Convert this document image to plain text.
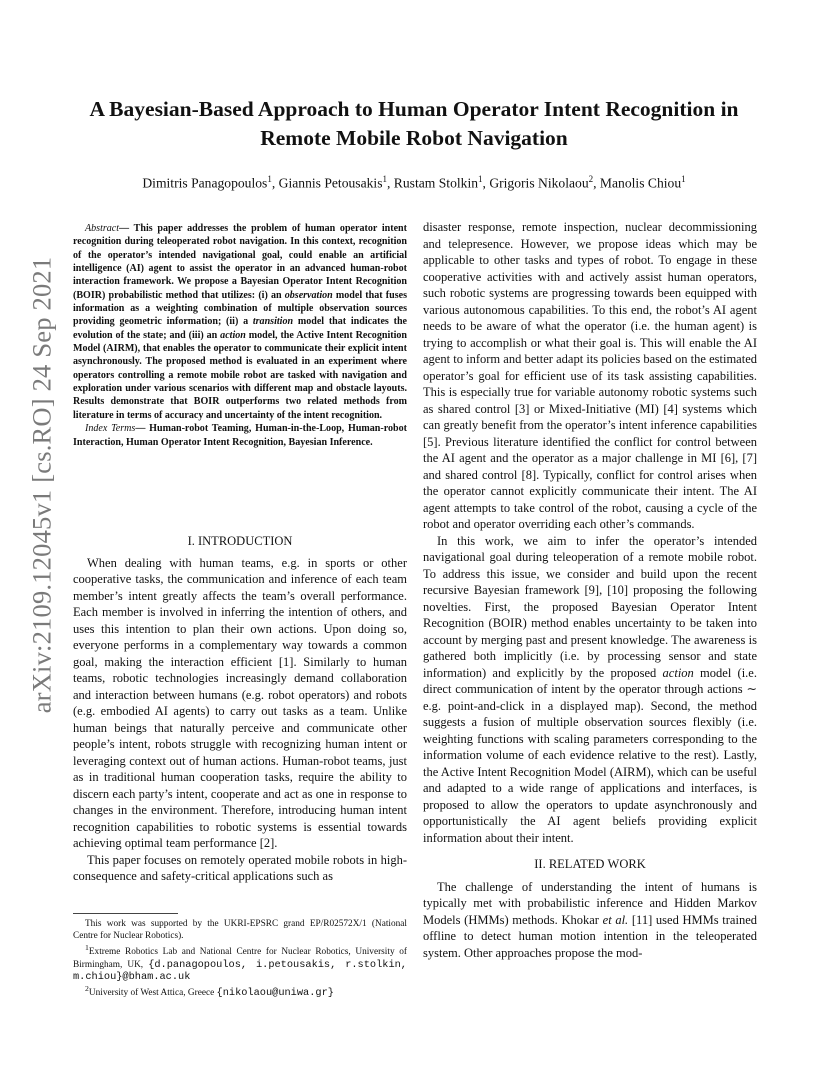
arXiv:2109.12045v1 [cs.RO] 24 Sep 2021
A Bayesian-Based Approach to Human Operator Intent Recognition in Remote Mobile Robot Navigation
Dimitris Panagopoulos$^1$, Giannis Petousakis$^1$, Rustam Stolkin$^1$, Grigoris Nikolaou$^2$, Manolis Chiou$^1$

Abstract— This paper addresses the problem of human operator intent recognition during teleoperated robot navigation. In this context, recognition of the operator’s intended navigational goal, could enable an artificial intelligence (AI) agent to assist the operator in an advanced human-robot interaction framework. We propose a Bayesian Operator Intent Recognition (BOIR) probabilistic method that utilizes: (i) an observation model that fuses information as a weighting combination of multiple observation sources providing geometric information; (ii) a transition model that indicates the evolution of the state; and (iii) an action model, the Active Intent Recognition Model (AIRM), that enables the operator to communicate their explicit intent asynchronously. The proposed method is evaluated in an experiment where operators controlling a remote mobile robot are tasked with navigation and exploration under various scenarios with different map and obstacle layouts. Results demonstrate that BOIR outperforms two related methods from literature in terms of accuracy and uncertainty of the intent recognition.

Index Terms— Human-robot Teaming, Human-in-the-Loop, Human-robot Interaction, Human Operator Intent Recognition, Bayesian Inference.

I. INTRODUCTION

When dealing with human teams, e.g. in sports or other cooperative tasks, the communication and inference of each team member’s intent greatly affects the team’s overall performance. Each member is involved in inferring the intention of others, and uses this intention to plan their own actions. Upon doing so, everyone performs in a complementary way towards a common goal, making the interaction efficient [1]. Similarly to human teams, robotic technologies increasingly demand collaboration and interaction between humans (e.g. robot operators) and robots (e.g. embodied AI agents) to carry out tasks as a team. Unlike human beings that naturally perceive and communicate other people’s intent, robots struggle with recognizing human intent or leveraging context out of human actions. Human-robot teams, just as in traditional human cooperation tasks, require the ability to discern each party’s intent, cooperate and act as one in response to changes in the environment. Therefore, introducing human intent recognition capabilities to robotic systems is essential towards achieving optimal team performance [2].

This paper focuses on remotely operated mobile robots in high-consequence and safety-critical applications such as

This work was supported by the UKRI-EPSRC grand EP/R02572X/1 (National Centre for Nuclear Robotics).

$^1$Extreme Robotics Lab and National Centre for Nuclear Robotics, University of Birmingham, UK, {d.panagopoulos, i.petousakis, r.stolkin, m.chiou}@bham.ac.uk

$^2$University of West Attica, Greece {nikolaou@uniwa.gr}

disaster response, remote inspection, nuclear decommissioning and telepresence. However, we propose ideas which may be applicable to other tasks and types of robot. To engage in these cooperative activities with and actively assist human operators, such robotic systems are progressing towards been equipped with various autonomous capabilities. To this end, the robot’s AI agent needs to be aware of what the operator (i.e. the human agent) is trying to accomplish or what their goal is. This will enable the AI agent to inform and better adapt its policies based on the estimated operator’s goal for efficient use of its task assisting capabilities. This is especially true for variable autonomy robotic systems such as shared control [3] or Mixed-Initiative (MI) [4] systems which can greatly benefit from the operator’s intent inference capabilities [5]. Previous literature identified the conflict for control between the AI agent and the operator as a major challenge in MI [6], [7] and shared control [8]. Typically, conflict for control arises when the operator cannot explicitly communicate their intent. The AI agent attempts to take control of the robot, causing a cycle of the robot and operator overriding each other’s commands.

In this work, we aim to infer the operator’s intended navigational goal during teleoperation of a remote mobile robot. To address this issue, we consider and build upon the recent recursive Bayesian framework [9], [10] proposing the following novelties. First, the proposed Bayesian Operator Intent Recognition (BOIR) method enables uncertainty to be taken into account by merging past and present knowledge. The awareness is gathered both implicitly (i.e. by processing sensor and state information) and explicitly by the proposed action model (i.e. direct communication of intent by the operator through actions ∼ e.g. point-and-click in a displayed map). Second, the method suggests a fusion of multiple observation sources flexibly (i.e. weighting functions with scaling parameters corresponding to the information volume of each evidence relative to the rest). Lastly, the Active Intent Recognition Model (AIRM), which can be useful and adapted to a wide range of applications and interfaces, is proposed to allow the operators to update asynchronously and opportunistically the AI agent beliefs providing explicit information about their intent.

II. RELATED WORK

The challenge of understanding the intent of humans is typically met with probabilistic inference and Hidden Markov Models (HMMs) methods. Khokar et al. [11] used HMMs trained offline to detect human motion intention in the teleoperated system. Other approaches propose the mod-
